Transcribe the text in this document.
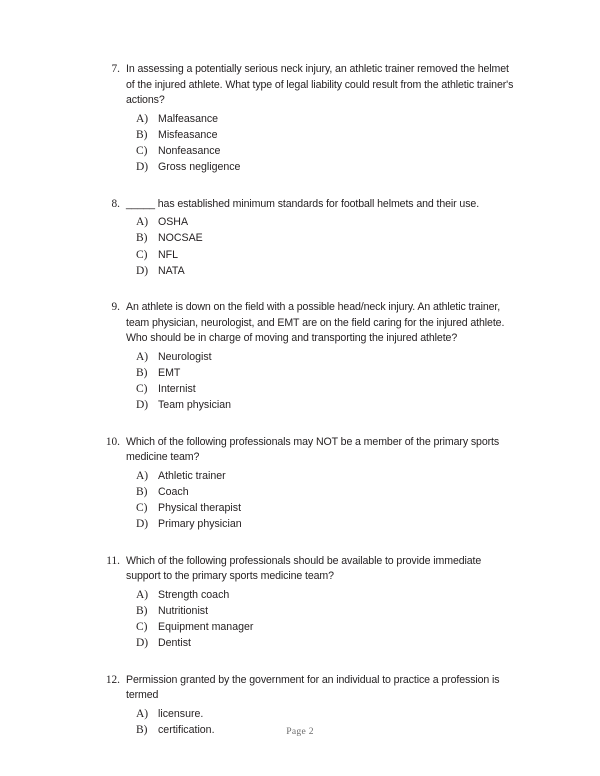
7. In assessing a potentially serious neck injury, an athletic trainer removed the helmet of the injured athlete. What type of legal liability could result from the athletic trainer's actions?
A) Malfeasance
B) Misfeasance
C) Nonfeasance
D) Gross negligence
8. _____ has established minimum standards for football helmets and their use.
A) OSHA
B) NOCSAE
C) NFL
D) NATA
9. An athlete is down on the field with a possible head/neck injury. An athletic trainer, team physician, neurologist, and EMT are on the field caring for the injured athlete. Who should be in charge of moving and transporting the injured athlete?
A) Neurologist
B) EMT
C) Internist
D) Team physician
10. Which of the following professionals may NOT be a member of the primary sports medicine team?
A) Athletic trainer
B) Coach
C) Physical therapist
D) Primary physician
11. Which of the following professionals should be available to provide immediate support to the primary sports medicine team?
A) Strength coach
B) Nutritionist
C) Equipment manager
D) Dentist
12. Permission granted by the government for an individual to practice a profession is termed
A) licensure.
B) certification.	Page 2
